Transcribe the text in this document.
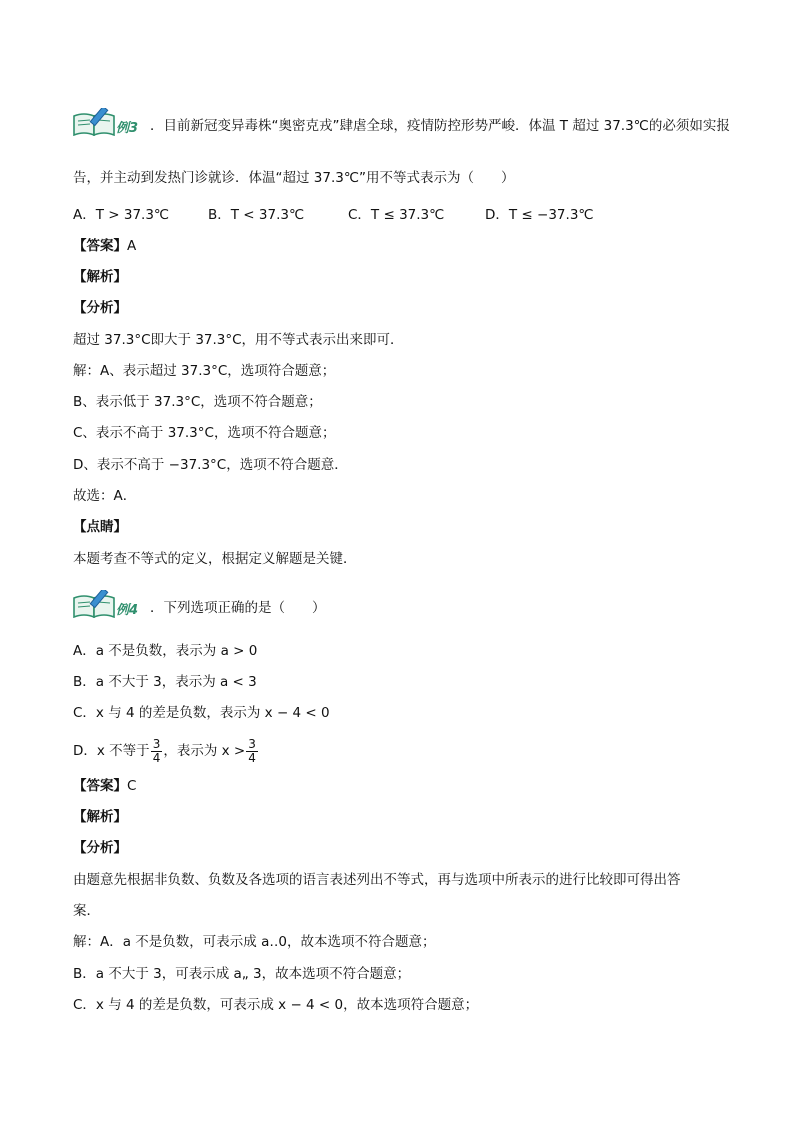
例3 ．目前新冠变异毒株“奥密克戎”肆虐全球，疫情防控形势严峻．体温 T 超过 37.3℃的必须如实报
告，并主动到发热门诊就诊．体温“超过 37.3℃”用不等式表示为（　　）
A．T > 37.3℃	B．T < 37.3℃	C．T ≤ 37.3℃	D．T ≤ −37.3℃
【答案】A
【解析】
【分析】
超过 37.3°C即大于 37.3°C，用不等式表示出来即可．
解：A、表示超过 37.3°C，选项符合题意；
B、表示低于 37.3°C，选项不符合题意；
C、表示不高于 37.3°C，选项不符合题意；
D、表示不高于 −37.3°C，选项不符合题意．
故选：A．
【点睛】
本题考查不等式的定义，根据定义解题是关键．
例4 ．下列选项正确的是（　　）
A．a 不是负数，表示为 a > 0
B．a 不大于 3，表示为 a < 3
C．x 与 4 的差是负数，表示为 x − 4 < 0
D．x 不等于 $\frac{3}{4}$ ，表示为 $x > \frac{3}{4}$
【答案】C
【解析】
【分析】
由题意先根据非负数、负数及各选项的语言表述列出不等式，再与选项中所表示的进行比较即可得出答
案．
解：A．a 不是负数，可表示成 a‥0，故本选项不符合题意；
B．a 不大于 3，可表示成 a„ 3，故本选项不符合题意；
C．x 与 4 的差是负数，可表示成 x − 4 < 0，故本选项符合题意；
